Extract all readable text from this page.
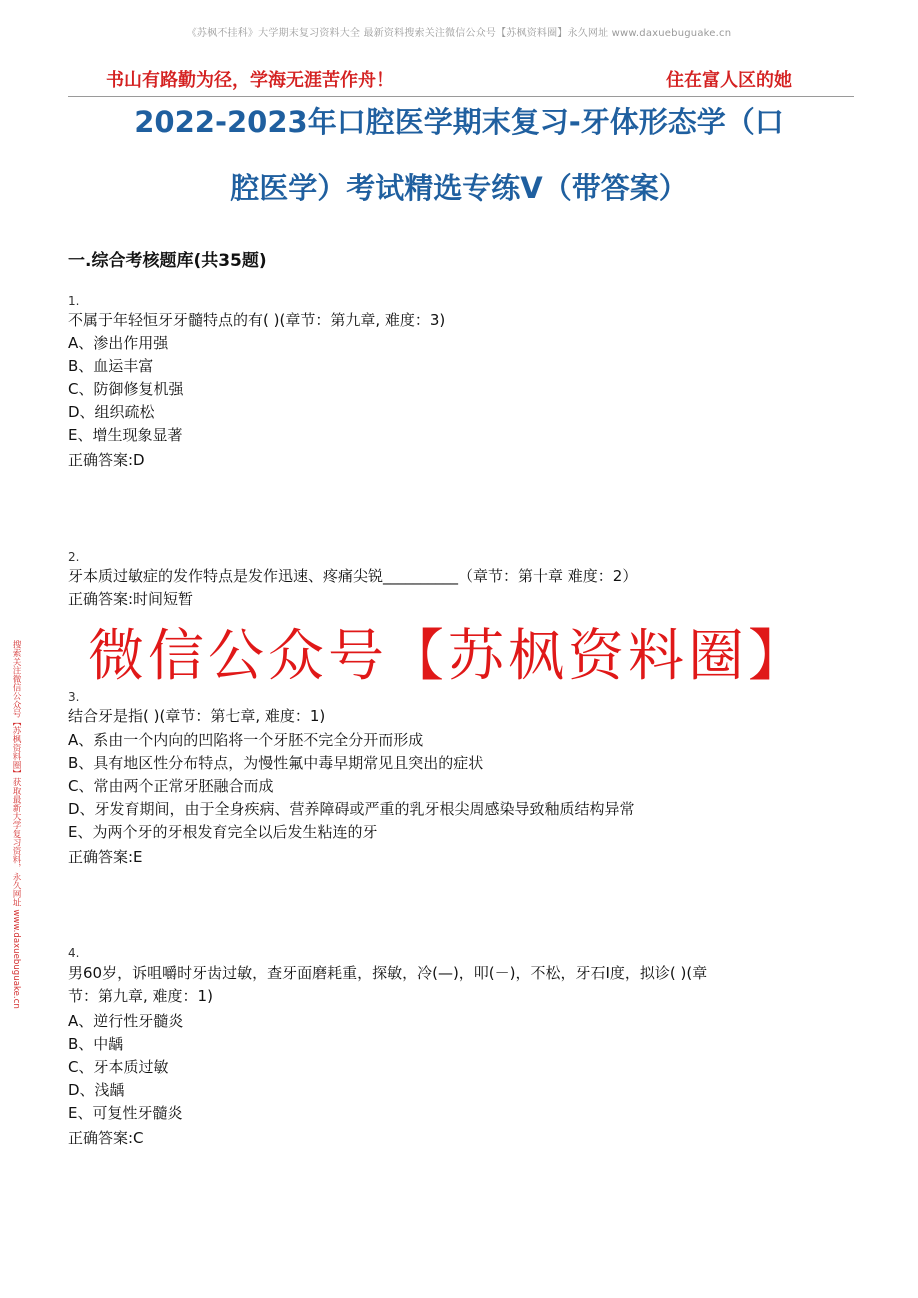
《苏枫不挂科》大学期末复习资料大全 最新资料搜索关注微信公众号【苏枫资料圈】永久网址 www.daxuebuguake.cn
书山有路勤为径，学海无涯苦作舟！	住在富人区的她
2022-2023年口腔医学期末复习-牙体形态学（口
腔医学）考试精选专练Ⅴ（带答案）
一.综合考核题库(共35题)
1.
不属于年轻恒牙牙髓特点的有( )(章节：第九章, 难度：3)
A、渗出作用强
B、血运丰富
C、防御修复机强
D、组织疏松
E、增生现象显著
正确答案:D
2.
牙本质过敏症的发作特点是发作迅速、疼痛尖锐__________（章节：第十章 难度：2）
正确答案:时间短暂
微信公众号【苏枫资料圈】
3.
结合牙是指( )(章节：第七章, 难度：1)
A、系由一个内向的凹陷将一个牙胚不完全分开而形成
B、具有地区性分布特点，为慢性氟中毒早期常见且突出的症状
C、常由两个正常牙胚融合而成
D、牙发育期间，由于全身疾病、营养障碍或严重的乳牙根尖周感染导致釉质结构异常
E、为两个牙的牙根发育完全以后发生粘连的牙
正确答案:E
4.
男60岁，诉咀嚼时牙齿过敏，查牙面磨耗重，探敏，冷(—)，叩(－)，不松，牙石Ⅰ度，拟诊( )(章
节：第九章, 难度：1)
A、逆行性牙髓炎
B、中龋
C、牙本质过敏
D、浅龋
E、可复性牙髓炎
正确答案:C
搜索关注微信公众号【苏枫资料圈】获取最新大学复习资料，永久网址 www.daxuebuguake.cn
